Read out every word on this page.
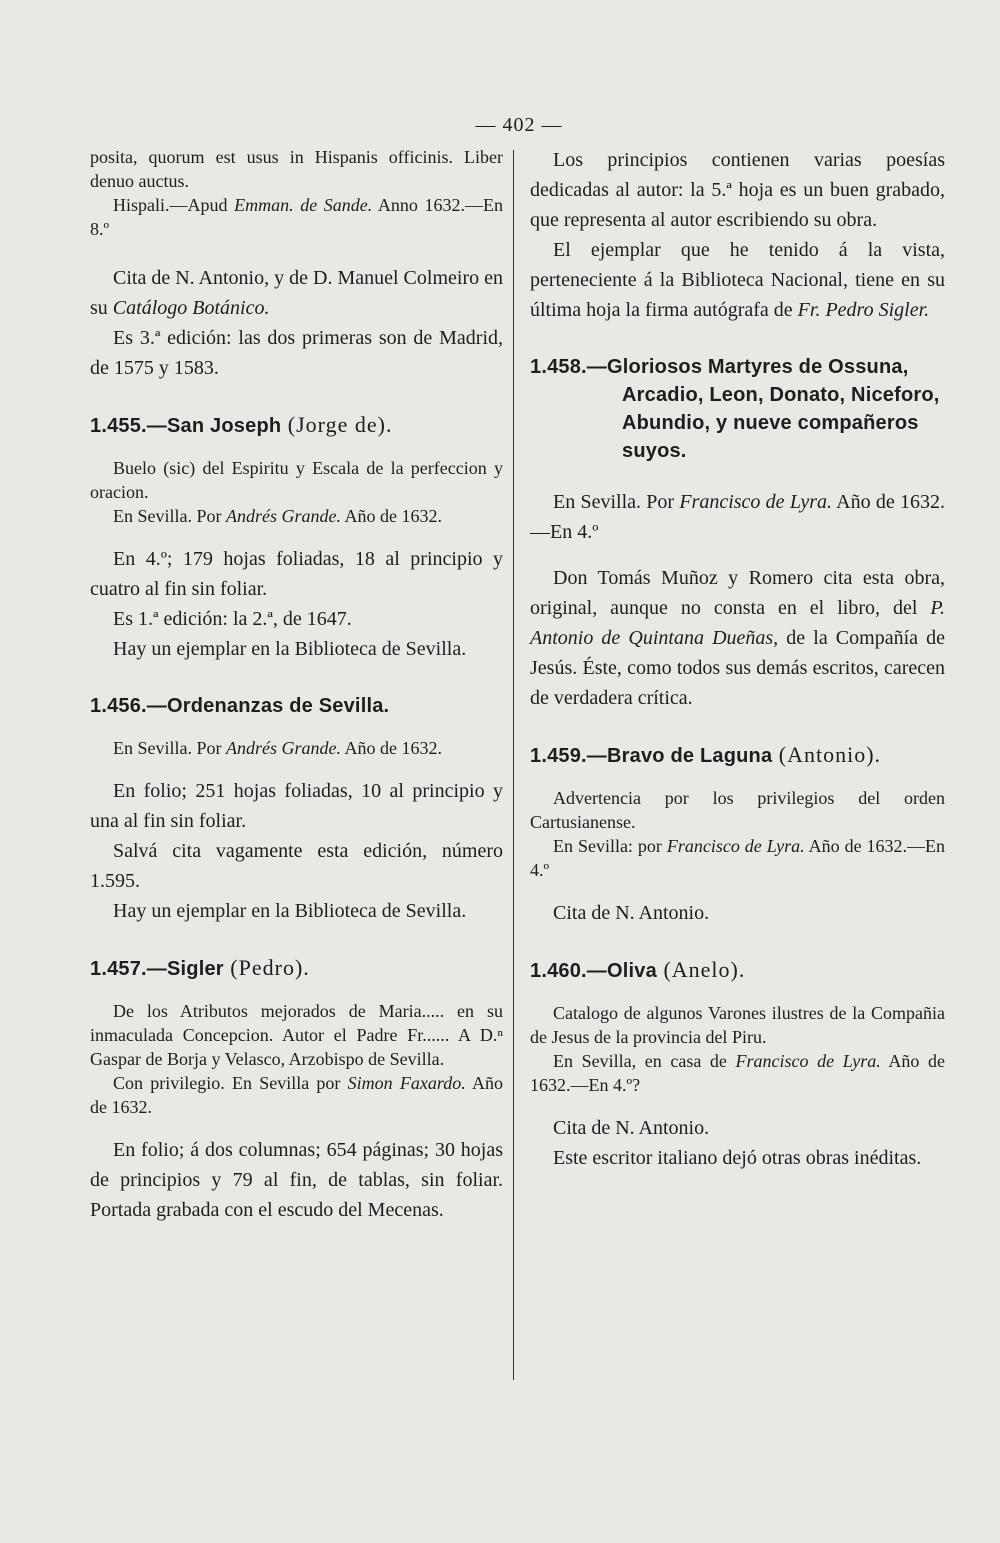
— 402 —

posita, quorum est usus in Hispanis officinis. Liber denuo auctus.

Hispali.—Apud Emman. de Sande. Anno 1632.—En 8.º

Cita de N. Antonio, y de D. Manuel Colmeiro en su Catálogo Botánico.

Es 3.ª edición: las dos primeras son de Madrid, de 1575 y 1583.

1.455.—San Joseph (Jorge de).

Buelo (sic) del Espiritu y Escala de la perfeccion y oracion.

En Sevilla. Por Andrés Grande. Año de 1632.

En 4.º; 179 hojas foliadas, 18 al principio y cuatro al fin sin foliar.

Es 1.ª edición: la 2.ª, de 1647.

Hay un ejemplar en la Biblioteca de Sevilla.

1.456.—Ordenanzas de Sevilla.

En Sevilla. Por Andrés Grande. Año de 1632.

En folio; 251 hojas foliadas, 10 al principio y una al fin sin foliar.

Salvá cita vagamente esta edición, número 1.595.

Hay un ejemplar en la Biblioteca de Sevilla.

1.457.—Sigler (Pedro).

De los Atributos mejorados de Maria..... en su inmaculada Concepcion. Autor el Padre Fr...... A D.ⁿ Gaspar de Borja y Velasco, Arzobispo de Sevilla.

Con privilegio. En Sevilla por Simon Faxardo. Año de 1632.

En folio; á dos columnas; 654 páginas; 30 hojas de principios y 79 al fin, de tablas, sin foliar. Portada grabada con el escudo del Mecenas.

Los principios contienen varias poesías dedicadas al autor: la 5.ª hoja es un buen grabado, que representa al autor escribiendo su obra.

El ejemplar que he tenido á la vista, perteneciente á la Biblioteca Nacional, tiene en su última hoja la firma autógrafa de Fr. Pedro Sigler.

1.458.—Gloriosos Martyres de Ossuna, Arcadio, Leon, Donato, Niceforo, Abundio, y nueve compañeros suyos.

En Sevilla. Por Francisco de Lyra. Año de 1632.—En 4.º

Don Tomás Muñoz y Romero cita esta obra, original, aunque no consta en el libro, del P. Antonio de Quintana Dueñas, de la Compañía de Jesús. Éste, como todos sus demás escritos, carecen de verdadera crítica.

1.459.—Bravo de Laguna (Antonio).

Advertencia por los privilegios del orden Cartusianense.

En Sevilla: por Francisco de Lyra. Año de 1632.—En 4.º

Cita de N. Antonio.

1.460.—Oliva (Anelo).

Catalogo de algunos Varones ilustres de la Compañia de Jesus de la provincia del Piru.

En Sevilla, en casa de Francisco de Lyra. Año de 1632.—En 4.º?

Cita de N. Antonio.

Este escritor italiano dejó otras obras inéditas.
